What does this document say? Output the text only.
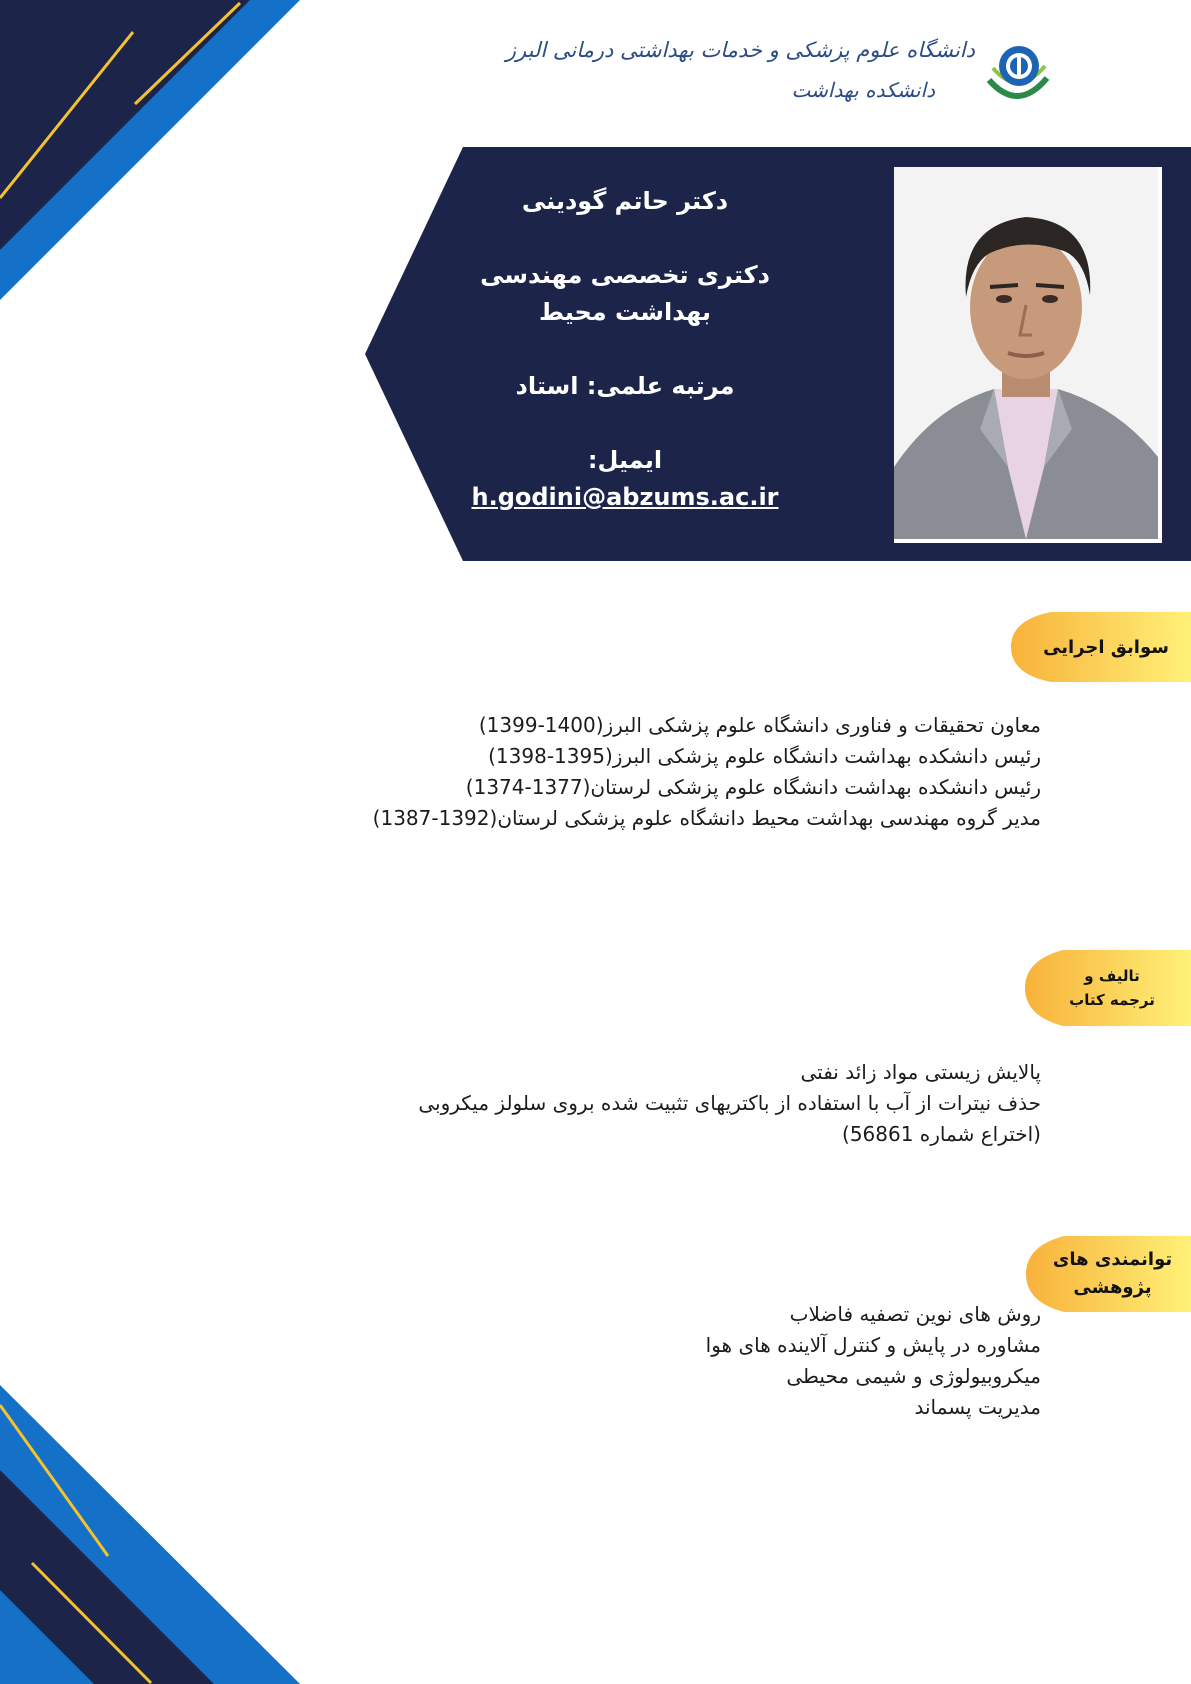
دانشگاه علوم پزشکی و خدمات بهداشتی درمانی البرز
دانشکده بهداشت
دکتر حاتم گودینی
دکتری تخصصی مهندسی
بهداشت محیط
مرتبه علمی: استاد
ایمیل:
h.godini@abzums.ac.ir
سوابق اجرایی
معاون تحقیقات و فناوری دانشگاه علوم پزشکی البرز(1400-1399)
رئیس دانشکده بهداشت دانشگاه علوم پزشکی البرز(1395-1398)
رئیس دانشکده بهداشت دانشگاه علوم پزشکی لرستان(1377-1374)
مدیر گروه مهندسی بهداشت محیط دانشگاه علوم پزشکی لرستان(1392-1387)
تالیف و
ترجمه کتاب
پالایش زیستی مواد زائد نفتی
حذف نیترات از آب با استفاده از باکتریهای تثبیت شده بروی سلولز میکروبی
(اختراع شماره 56861)
توانمندی های
پژوهشی
روش های نوین تصفیه فاضلاب
مشاوره در پایش و کنترل آلاینده های هوا
میکروبیولوژی و شیمی محیطی
مدیریت پسماند
